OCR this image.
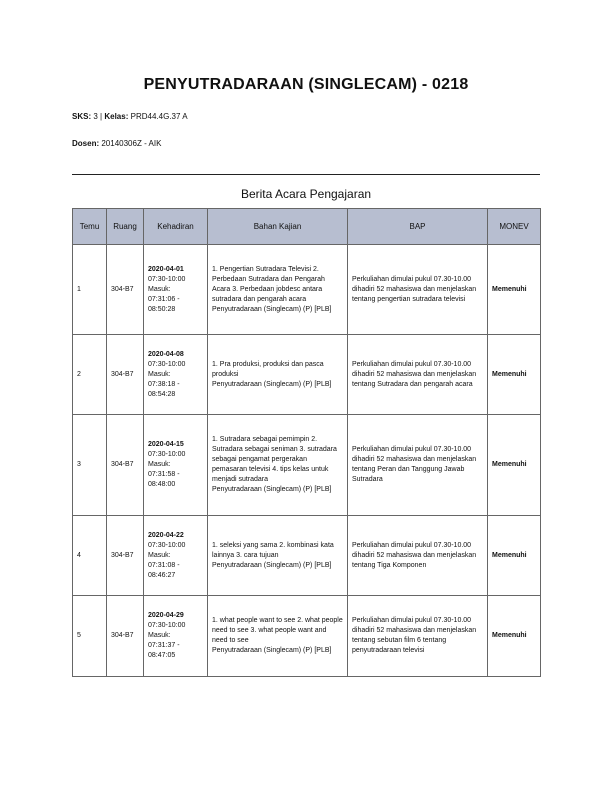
PENYUTRADARAAN (SINGLECAM) - 0218
SKS: 3 | Kelas: PRD44.4G.37 A
Dosen: 20140306Z - AIK
Berita Acara Pengajaran
Temu	Ruang	Kehadiran	Bahan Kajian	BAP	MONEV
1	304-B7	2020-04-01
07:30-10:00
Masuk:
07:31:06 -
08:50:28	1. Pengertian Sutradara Televisi 2. Perbedaan Sutradara dan Pengarah Acara 3. Perbedaan jobdesc antara sutradara dan pengarah acara
Penyutradaraan (Singlecam) (P) [PLB]	Perkuliahan dimulai pukul 07.30-10.00 dihadiri 52 mahasiswa dan menjelaskan tentang pengertian sutradara televisi	Memenuhi
2	304-B7	2020-04-08
07:30-10:00
Masuk:
07:38:18 -
08:54:28	1. Pra produksi, produksi dan pasca produksi
Penyutradaraan (Singlecam) (P) [PLB]	Perkuliahan dimulai pukul 07.30-10.00 dihadiri 52 mahasiswa dan menjelaskan tentang Sutradara dan pengarah acara	Memenuhi
3	304-B7	2020-04-15
07:30-10:00
Masuk:
07:31:58 -
08:48:00	1. Sutradara sebagai pemimpin 2. Sutradara sebagai seniman 3. sutradara sebagai pengamat pergerakan pemasaran televisi 4. tips kelas untuk menjadi sutradara
Penyutradaraan (Singlecam) (P) [PLB]	Perkuliahan dimulai pukul 07.30-10.00 dihadiri 52 mahasiswa dan menjelaskan tentang Peran dan Tanggung Jawab Sutradara	Memenuhi
4	304-B7	2020-04-22
07:30-10:00
Masuk:
07:31:08 -
08:46:27	1. seleksi yang sama 2. kombinasi kata lainnya 3. cara tujuan
Penyutradaraan (Singlecam) (P) [PLB]	Perkuliahan dimulai pukul 07.30-10.00 dihadiri 52 mahasiswa dan menjelaskan tentang Tiga Komponen	Memenuhi
5	304-B7	2020-04-29
07:30-10:00
Masuk:
07:31:37 -
08:47:05	1. what people want to see 2. what people need to see 3. what people want and need to see
Penyutradaraan (Singlecam) (P) [PLB]	Perkuliahan dimulai pukul 07.30-10.00 dihadiri 52 mahasiswa dan menjelaskan tentang sebutan film 6 tentang penyutradaraan televisi	Memenuhi
